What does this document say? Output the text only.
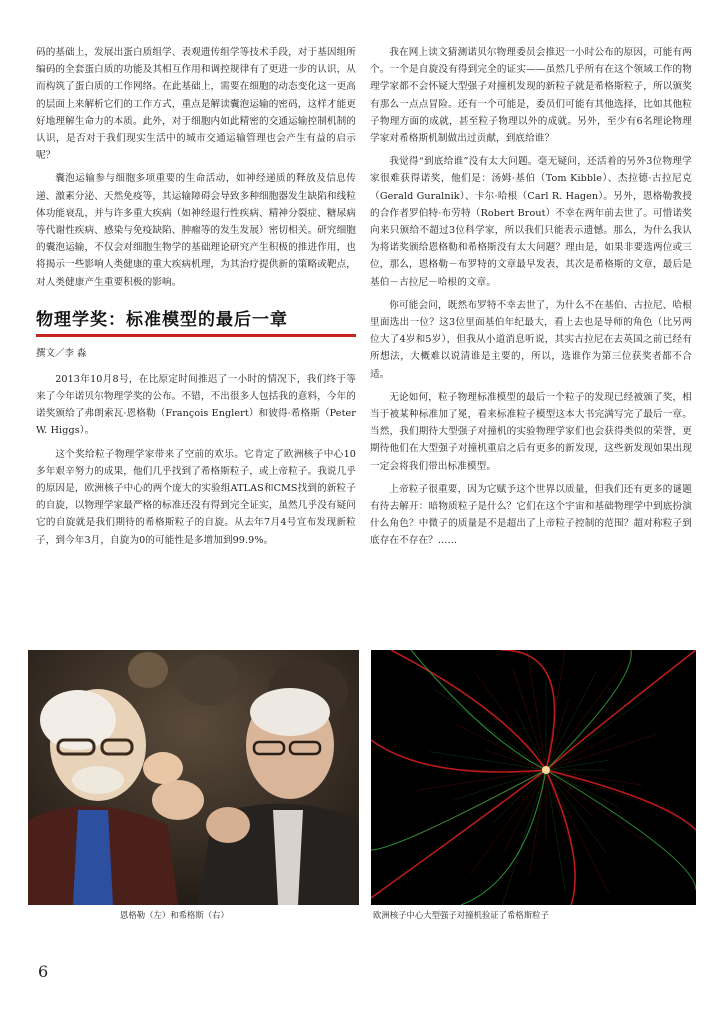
码的基础上，发展出蛋白质组学、表观遗传组学等技术手段，对于基因组所编码的全套蛋白质的功能及其相互作用和调控规律有了更进一步的认识，从而构筑了蛋白质的工作网络。在此基础上，需要在细胞的动态变化这一更高的层面上来解析它们的工作方式，重点是解读囊泡运输的密码，这样才能更好地理解生命力的本质。此外，对于细胞内如此精密的交通运输控制机制的认识，是否对于我们现实生活中的城市交通运输管理也会产生有益的启示呢？

囊泡运输参与细胞多项重要的生命活动，如神经递质的释放及信息传递、激素分泌、天然免疫等，其运输障碍会导致多种细胞器发生缺陷和线粒体功能衰乱，并与许多重大疾病（如神经退行性疾病、精神分裂症、糖尿病等代谢性疾病、感染与免疫缺陷、肿瘤等的发生发展）密切相关。研究细胞的囊泡运输，不仅会对细胞生物学的基础理论研究产生积极的推进作用，也将揭示一些影响人类健康的重大疾病机理，为其治疗提供新的策略或靶点，对人类健康产生重要积极的影响。

物理学奖：标准模型的最后一章
撰文／李 淼

2013年10月8号，在比原定时间推迟了一小时的情况下，我们终于等来了今年诺贝尔物理学奖的公布。不错，不出很多人包括我的意料，今年的诺奖颁给了弗朗索瓦·恩格勒（François Englert）和彼得·希格斯（Peter W. Higgs）。

这个奖给粒子物理学家带来了空前的欢乐。它肯定了欧洲核子中心10多年艰辛努力的成果，他们几乎找到了希格斯粒子，或上帝粒子。我说几乎的原因是，欧洲核子中心的两个庞大的实验组ATLAS和CMS找到的新粒子的自旋，以物理学家最严格的标准还没有得到完全证实，虽然几乎没有疑问它的自旋就是我们期待的希格斯粒子的自旋。从去年7月4号宣布发现新粒子，到今年3月，自旋为0的可能性是多增加到99.9%。

我在网上读文猜测诺贝尔物理委员会推迟一小时公布的原因，可能有两个。一个是自旋没有得到完全的证实——虽然几乎所有在这个领域工作的物理学家都不会怀疑大型强子对撞机发现的新粒子就是希格斯粒子，所以颁奖有那么一点点冒险。还有一个可能是，委员们可能有其他选择，比如其他粒子物理方面的成就，甚至粒子物理以外的成就。另外，至少有6名理论物理学家对希格斯机制做出过贡献，到底给谁？

我觉得“到底给谁”没有太大问题。毫无疑问，还活着的另外3位物理学家很难获得诺奖，他们是：汤姆·基伯（Tom Kibble）、杰拉德·古拉尼克（Gerald Guralnik）、卡尔·哈根（Carl R. Hagen）。另外，恩格勒教授的合作者罗伯特·布劳特（Robert Brout）不幸在两年前去世了。可惜诺奖向来只颁给不超过3位科学家，所以我们只能表示遗憾。那么，为什么我认为将诺奖颁给恩格勒和希格斯没有太大问题？理由是，如果非要选两位或三位，那么，恩格勒－布罗特的文章最早发表，其次是希格斯的文章，最后是基伯－古拉尼－哈根的文章。

你可能会问，既然布罗特不幸去世了，为什么不在基伯、古拉尼、哈根里面选出一位？这3位里面基伯年纪最大，看上去也是导师的角色（比另两位大了4岁和5岁），但我从小道消息听说，其实古拉尼在去英国之前已经有所想法，大概难以说清谁是主要的，所以，选谁作为第三位获奖者都不合适。

无论如何，粒子物理标准模型的最后一个粒子的发现已经被颁了奖，相当于被某种标准加了冕，看来标准粒子模型这本大书完满写完了最后一章。当然，我们期待大型强子对撞机的实验物理学家们也会获得类似的荣誉，更期待他们在大型强子对撞机重启之后有更多的新发现，这些新发现如果出现一定会将我们带出标准模型。

上帝粒子很重要，因为它赋予这个世界以质量，但我们还有更多的谜题有待去解开：暗物质粒子是什么？它们在这个宇宙和基础物理学中到底扮演什么角色？中微子的质量是不是超出了上帝粒子控制的范围？超对称粒子到底存在不存在？……

恩格勒（左）和希格斯（右）	欧洲核子中心大型强子对撞机验证了希格斯粒子
6
